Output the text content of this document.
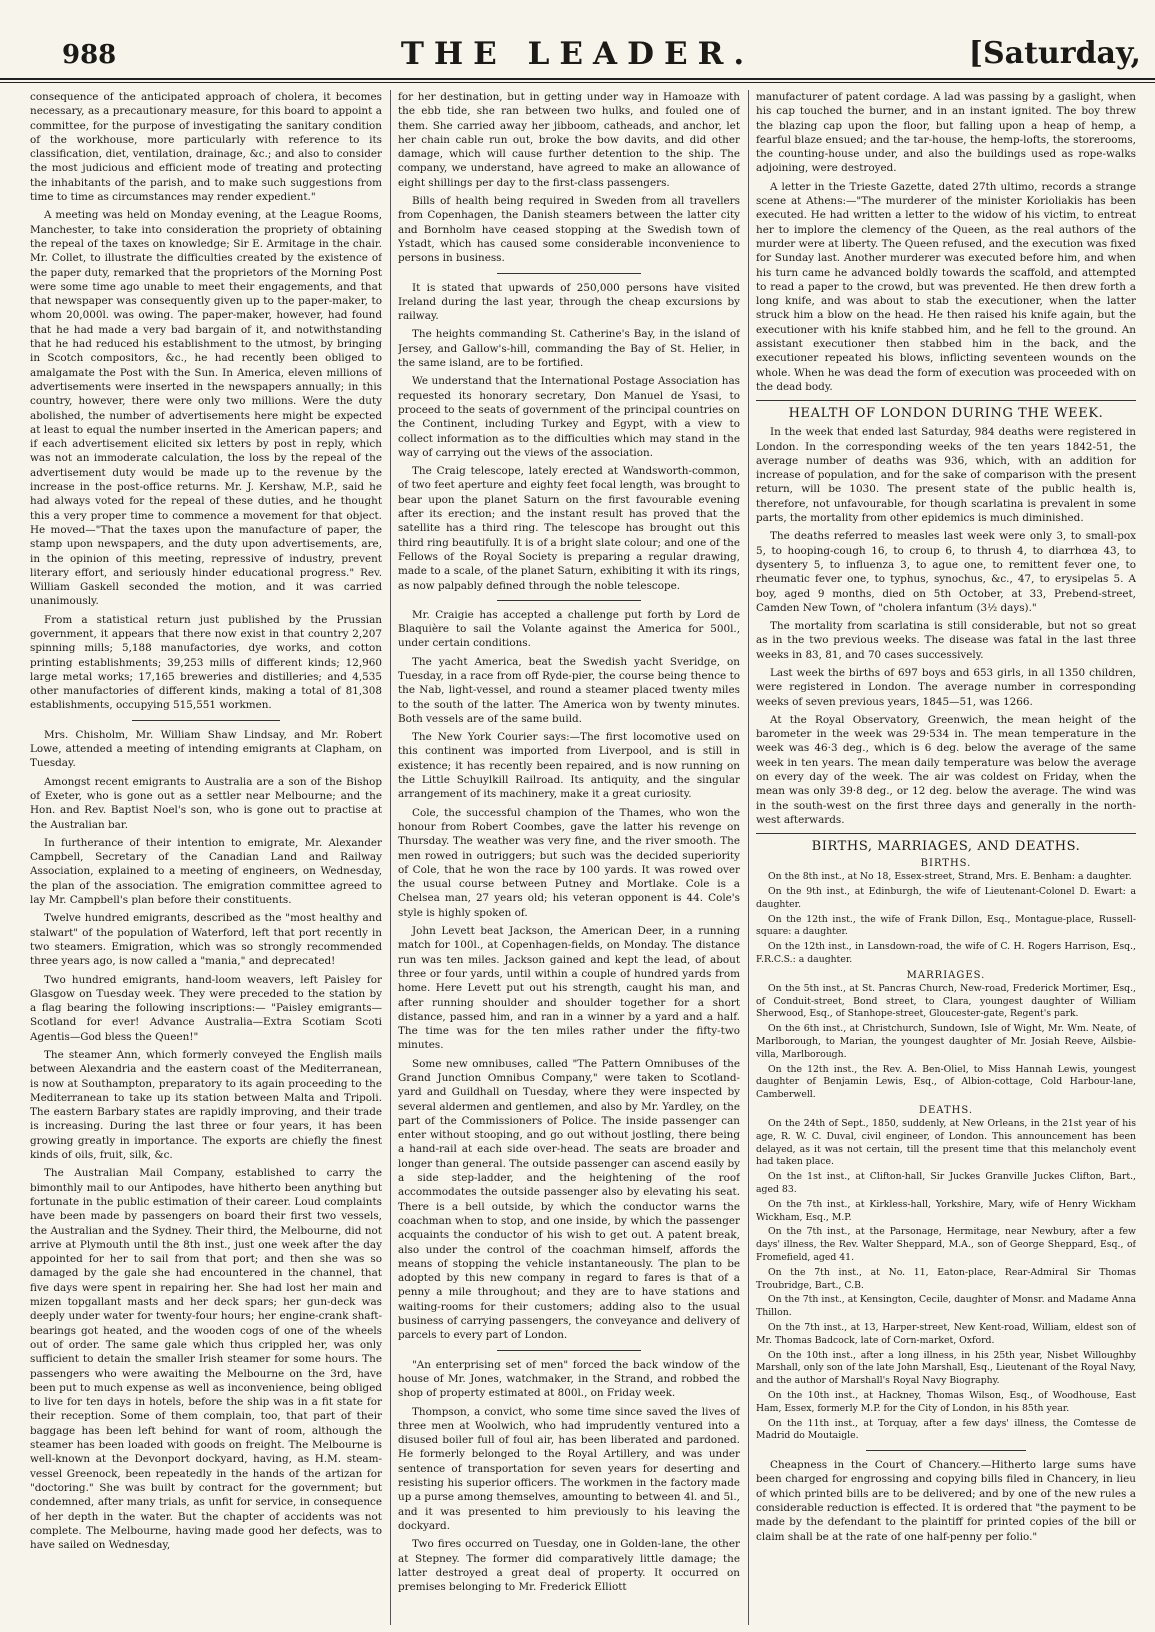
988	THE LEADER.	[Saturday,

consequence of the anticipated approach of cholera, it becomes necessary, as a precautionary measure, for this board to appoint a committee, for the purpose of investigating the sanitary condition of the workhouse, more particularly with reference to its classification, diet, ventilation, drainage, &c.; and also to consider the most judicious and efficient mode of treating and protecting the inhabitants of the parish, and to make such suggestions from time to time as circumstances may render expedient."

A meeting was held on Monday evening, at the League Rooms, Manchester, to take into consideration the propriety of obtaining the repeal of the taxes on knowledge; Sir E. Armitage in the chair. Mr. Collet, to illustrate the difficulties created by the existence of the paper duty, remarked that the proprietors of the Morning Post were some time ago unable to meet their engagements, and that that newspaper was consequently given up to the paper-maker, to whom 20,000l. was owing. The paper-maker, however, had found that he had made a very bad bargain of it, and notwithstanding that he had reduced his establishment to the utmost, by bringing in Scotch compositors, &c., he had recently been obliged to amalgamate the Post with the Sun. In America, eleven millions of advertisements were inserted in the newspapers annually; in this country, however, there were only two millions. Were the duty abolished, the number of advertisements here might be expected at least to equal the number inserted in the American papers; and if each advertisement elicited six letters by post in reply, which was not an immoderate calculation, the loss by the repeal of the advertisement duty would be made up to the revenue by the increase in the post-office returns. Mr. J. Kershaw, M.P., said he had always voted for the repeal of these duties, and he thought this a very proper time to commence a movement for that object. He moved—"That the taxes upon the manufacture of paper, the stamp upon newspapers, and the duty upon advertisements, are, in the opinion of this meeting, repressive of industry, prevent literary effort, and seriously hinder educational progress." Rev. William Gaskell seconded the motion, and it was carried unanimously.

From a statistical return just published by the Prussian government, it appears that there now exist in that country 2,207 spinning mills; 5,188 manufactories, dye works, and cotton printing establishments; 39,253 mills of different kinds; 12,960 large metal works; 17,165 breweries and distilleries; and 4,535 other manufactories of different kinds, making a total of 81,308 establishments, occupying 515,551 workmen.

Mrs. Chisholm, Mr. William Shaw Lindsay, and Mr. Robert Lowe, attended a meeting of intending emigrants at Clapham, on Tuesday.

Amongst recent emigrants to Australia are a son of the Bishop of Exeter, who is gone out as a settler near Melbourne; and the Hon. and Rev. Baptist Noel's son, who is gone out to practise at the Australian bar.

In furtherance of their intention to emigrate, Mr. Alexander Campbell, Secretary of the Canadian Land and Railway Association, explained to a meeting of engineers, on Wednesday, the plan of the association. The emigration committee agreed to lay Mr. Campbell's plan before their constituents.

Twelve hundred emigrants, described as the "most healthy and stalwart" of the population of Waterford, left that port recently in two steamers. Emigration, which was so strongly recommended three years ago, is now called a "mania," and deprecated!

Two hundred emigrants, hand-loom weavers, left Paisley for Glasgow on Tuesday week. They were preceded to the station by a flag bearing the following inscriptions:— "Paisley emigrants—Scotland for ever! Advance Australia—Extra Scotiam Scoti Agentis—God bless the Queen!"

The steamer Ann, which formerly conveyed the English mails between Alexandria and the eastern coast of the Mediterranean, is now at Southampton, preparatory to its again proceeding to the Mediterranean to take up its station between Malta and Tripoli. The eastern Barbary states are rapidly improving, and their trade is increasing. During the last three or four years, it has been growing greatly in importance. The exports are chiefly the finest kinds of oils, fruit, silk, &c.

The Australian Mail Company, established to carry the bimonthly mail to our Antipodes, have hitherto been anything but fortunate in the public estimation of their career. Loud complaints have been made by passengers on board their first two vessels, the Australian and the Sydney. Their third, the Melbourne, did not arrive at Plymouth until the 8th inst., just one week after the day appointed for her to sail from that port; and then she was so damaged by the gale she had encountered in the channel, that five days were spent in repairing her. She had lost her main and mizen topgallant masts and her deck spars; her gun-deck was deeply under water for twenty-four hours; her engine-crank shaft-bearings got heated, and the wooden cogs of one of the wheels out of order. The same gale which thus crippled her, was only sufficient to detain the smaller Irish steamer for some hours. The passengers who were awaiting the Melbourne on the 3rd, have been put to much expense as well as inconvenience, being obliged to live for ten days in hotels, before the ship was in a fit state for their reception. Some of them complain, too, that part of their baggage has been left behind for want of room, although the steamer has been loaded with goods on freight. The Melbourne is well-known at the Devonport dockyard, having, as H.M. steam-vessel Greenock, been repeatedly in the hands of the artizan for "doctoring." She was built by contract for the government; but condemned, after many trials, as unfit for service, in consequence of her depth in the water. But the chapter of accidents was not complete. The Melbourne, having made good her defects, was to have sailed on Wednesday,

for her destination, but in getting under way in Hamoaze with the ebb tide, she ran between two hulks, and fouled one of them. She carried away her jibboom, catheads, and anchor, let her chain cable run out, broke the bow davits, and did other damage, which will cause further detention to the ship. The company, we understand, have agreed to make an allowance of eight shillings per day to the first-class passengers.

Bills of health being required in Sweden from all travellers from Copenhagen, the Danish steamers between the latter city and Bornholm have ceased stopping at the Swedish town of Ystadt, which has caused some considerable inconvenience to persons in business.

It is stated that upwards of 250,000 persons have visited Ireland during the last year, through the cheap excursions by railway.

The heights commanding St. Catherine's Bay, in the island of Jersey, and Gallow's-hill, commanding the Bay of St. Helier, in the same island, are to be fortified.

We understand that the International Postage Association has requested its honorary secretary, Don Manuel de Ysasi, to proceed to the seats of government of the principal countries on the Continent, including Turkey and Egypt, with a view to collect information as to the difficulties which may stand in the way of carrying out the views of the association.

The Craig telescope, lately erected at Wandsworth-common, of two feet aperture and eighty feet focal length, was brought to bear upon the planet Saturn on the first favourable evening after its erection; and the instant result has proved that the satellite has a third ring. The telescope has brought out this third ring beautifully. It is of a bright slate colour; and one of the Fellows of the Royal Society is preparing a regular drawing, made to a scale, of the planet Saturn, exhibiting it with its rings, as now palpably defined through the noble telescope.

Mr. Craigie has accepted a challenge put forth by Lord de Blaquière to sail the Volante against the America for 500l., under certain conditions.

The yacht America, beat the Swedish yacht Sveridge, on Tuesday, in a race from off Ryde-pier, the course being thence to the Nab, light-vessel, and round a steamer placed twenty miles to the south of the latter. The America won by twenty minutes. Both vessels are of the same build.

The New York Courier says:—The first locomotive used on this continent was imported from Liverpool, and is still in existence; it has recently been repaired, and is now running on the Little Schuylkill Railroad. Its antiquity, and the singular arrangement of its machinery, make it a great curiosity.

Cole, the successful champion of the Thames, who won the honour from Robert Coombes, gave the latter his revenge on Thursday. The weather was very fine, and the river smooth. The men rowed in outriggers; but such was the decided superiority of Cole, that he won the race by 100 yards. It was rowed over the usual course between Putney and Mortlake. Cole is a Chelsea man, 27 years old; his veteran opponent is 44. Cole's style is highly spoken of.

John Levett beat Jackson, the American Deer, in a running match for 100l., at Copenhagen-fields, on Monday. The distance run was ten miles. Jackson gained and kept the lead, of about three or four yards, until within a couple of hundred yards from home. Here Levett put out his strength, caught his man, and after running shoulder and shoulder together for a short distance, passed him, and ran in a winner by a yard and a half. The time was for the ten miles rather under the fifty-two minutes.

Some new omnibuses, called "The Pattern Omnibuses of the Grand Junction Omnibus Company," were taken to Scotland-yard and Guildhall on Tuesday, where they were inspected by several aldermen and gentlemen, and also by Mr. Yardley, on the part of the Commissioners of Police. The inside passenger can enter without stooping, and go out without jostling, there being a hand-rail at each side over-head. The seats are broader and longer than general. The outside passenger can ascend easily by a side step-ladder, and the heightening of the roof accommodates the outside passenger also by elevating his seat. There is a bell outside, by which the conductor warns the coachman when to stop, and one inside, by which the passenger acquaints the conductor of his wish to get out. A patent break, also under the control of the coachman himself, affords the means of stopping the vehicle instantaneously. The plan to be adopted by this new company in regard to fares is that of a penny a mile throughout; and they are to have stations and waiting-rooms for their customers; adding also to the usual business of carrying passengers, the conveyance and delivery of parcels to every part of London.

"An enterprising set of men" forced the back window of the house of Mr. Jones, watchmaker, in the Strand, and robbed the shop of property estimated at 800l., on Friday week.

Thompson, a convict, who some time since saved the lives of three men at Woolwich, who had imprudently ventured into a disused boiler full of foul air, has been liberated and pardoned. He formerly belonged to the Royal Artillery, and was under sentence of transportation for seven years for deserting and resisting his superior officers. The workmen in the factory made up a purse among themselves, amounting to between 4l. and 5l., and it was presented to him previously to his leaving the dockyard.

Two fires occurred on Tuesday, one in Golden-lane, the other at Stepney. The former did comparatively little damage; the latter destroyed a great deal of property. It occurred on premises belonging to Mr. Frederick Elliott

manufacturer of patent cordage. A lad was passing by a gaslight, when his cap touched the burner, and in an instant ignited. The boy threw the blazing cap upon the floor, but falling upon a heap of hemp, a fearful blaze ensued; and the tar-house, the hemp-lofts, the storerooms, the counting-house under, and also the buildings used as rope-walks adjoining, were destroyed.

A letter in the Trieste Gazette, dated 27th ultimo, records a strange scene at Athens:—"The murderer of the minister Korioliakis has been executed. He had written a letter to the widow of his victim, to entreat her to implore the clemency of the Queen, as the real authors of the murder were at liberty. The Queen refused, and the execution was fixed for Sunday last. Another murderer was executed before him, and when his turn came he advanced boldly towards the scaffold, and attempted to read a paper to the crowd, but was prevented. He then drew forth a long knife, and was about to stab the executioner, when the latter struck him a blow on the head. He then raised his knife again, but the executioner with his knife stabbed him, and he fell to the ground. An assistant executioner then stabbed him in the back, and the executioner repeated his blows, inflicting seventeen wounds on the whole. When he was dead the form of execution was proceeded with on the dead body.

HEALTH OF LONDON DURING THE WEEK.

In the week that ended last Saturday, 984 deaths were registered in London. In the corresponding weeks of the ten years 1842-51, the average number of deaths was 936, which, with an addition for increase of population, and for the sake of comparison with the present return, will be 1030. The present state of the public health is, therefore, not unfavourable, for though scarlatina is prevalent in some parts, the mortality from other epidemics is much diminished.

The deaths referred to measles last week were only 3, to small-pox 5, to hooping-cough 16, to croup 6, to thrush 4, to diarrhœa 43, to dysentery 5, to influenza 3, to ague one, to remittent fever one, to rheumatic fever one, to typhus, synochus, &c., 47, to erysipelas 5. A boy, aged 9 months, died on 5th October, at 33, Prebend-street, Camden New Town, of "cholera infantum (3½ days)."

The mortality from scarlatina is still considerable, but not so great as in the two previous weeks. The disease was fatal in the last three weeks in 83, 81, and 70 cases successively.

Last week the births of 697 boys and 653 girls, in all 1350 children, were registered in London. The average number in corresponding weeks of seven previous years, 1845—51, was 1266.

At the Royal Observatory, Greenwich, the mean height of the barometer in the week was 29·534 in. The mean temperature in the week was 46·3 deg., which is 6 deg. below the average of the same week in ten years. The mean daily temperature was below the average on every day of the week. The air was coldest on Friday, when the mean was only 39·8 deg., or 12 deg. below the average. The wind was in the south-west on the first three days and generally in the north-west afterwards.

BIRTHS, MARRIAGES, AND DEATHS.
BIRTHS.

On the 8th inst., at No 18, Essex-street, Strand, Mrs. E. Benham: a daughter.

On the 9th inst., at Edinburgh, the wife of Lieutenant-Colonel D. Ewart: a daughter.

On the 12th inst., the wife of Frank Dillon, Esq., Montague-place, Russell-square: a daughter.

On the 12th inst., in Lansdown-road, the wife of C. H. Rogers Harrison, Esq., F.R.C.S.: a daughter.

MARRIAGES.

On the 5th inst., at St. Pancras Church, New-road, Frederick Mortimer, Esq., of Conduit-street, Bond street, to Clara, youngest daughter of William Sherwood, Esq., of Stanhope-street, Gloucester-gate, Regent's park.

On the 6th inst., at Christchurch, Sundown, Isle of Wight, Mr. Wm. Neate, of Marlborough, to Marian, the youngest daughter of Mr. Josiah Reeve, Ailsbie-villa, Marlborough.

On the 12th inst., the Rev. A. Ben-Oliel, to Miss Hannah Lewis, youngest daughter of Benjamin Lewis, Esq., of Albion-cottage, Cold Harbour-lane, Camberwell.

DEATHS.

On the 24th of Sept., 1850, suddenly, at New Orleans, in the 21st year of his age, R. W. C. Duval, civil engineer, of London. This announcement has been delayed, as it was not certain, till the present time that this melancholy event had taken place.

On the 1st inst., at Clifton-hall, Sir Juckes Granville Juckes Clifton, Bart., aged 83.

On the 7th inst., at Kirkless-hall, Yorkshire, Mary, wife of Henry Wickham Wickham, Esq., M.P.

On the 7th inst., at the Parsonage, Hermitage, near Newbury, after a few days' illness, the Rev. Walter Sheppard, M.A., son of George Sheppard, Esq., of Fromefield, aged 41.

On the 7th inst., at No. 11, Eaton-place, Rear-Admiral Sir Thomas Troubridge, Bart., C.B.

On the 7th inst., at Kensington, Cecile, daughter of Monsr. and Madame Anna Thillon.

On the 7th inst., at 13, Harper-street, New Kent-road, William, eldest son of Mr. Thomas Badcock, late of Corn-market, Oxford.

On the 10th inst., after a long illness, in his 25th year, Nisbet Willoughby Marshall, only son of the late John Marshall, Esq., Lieutenant of the Royal Navy, and the author of Marshall's Royal Navy Biography.

On the 10th inst., at Hackney, Thomas Wilson, Esq., of Woodhouse, East Ham, Essex, formerly M.P. for the City of London, in his 85th year.

On the 11th inst., at Torquay, after a few days' illness, the Comtesse de Madrid do Moutaigle.

Cheapness in the Court of Chancery.—Hitherto large sums have been charged for engrossing and copying bills filed in Chancery, in lieu of which printed bills are to be delivered; and by one of the new rules a considerable reduction is effected. It is ordered that "the payment to be made by the defendant to the plaintiff for printed copies of the bill or claim shall be at the rate of one half-penny per folio."
